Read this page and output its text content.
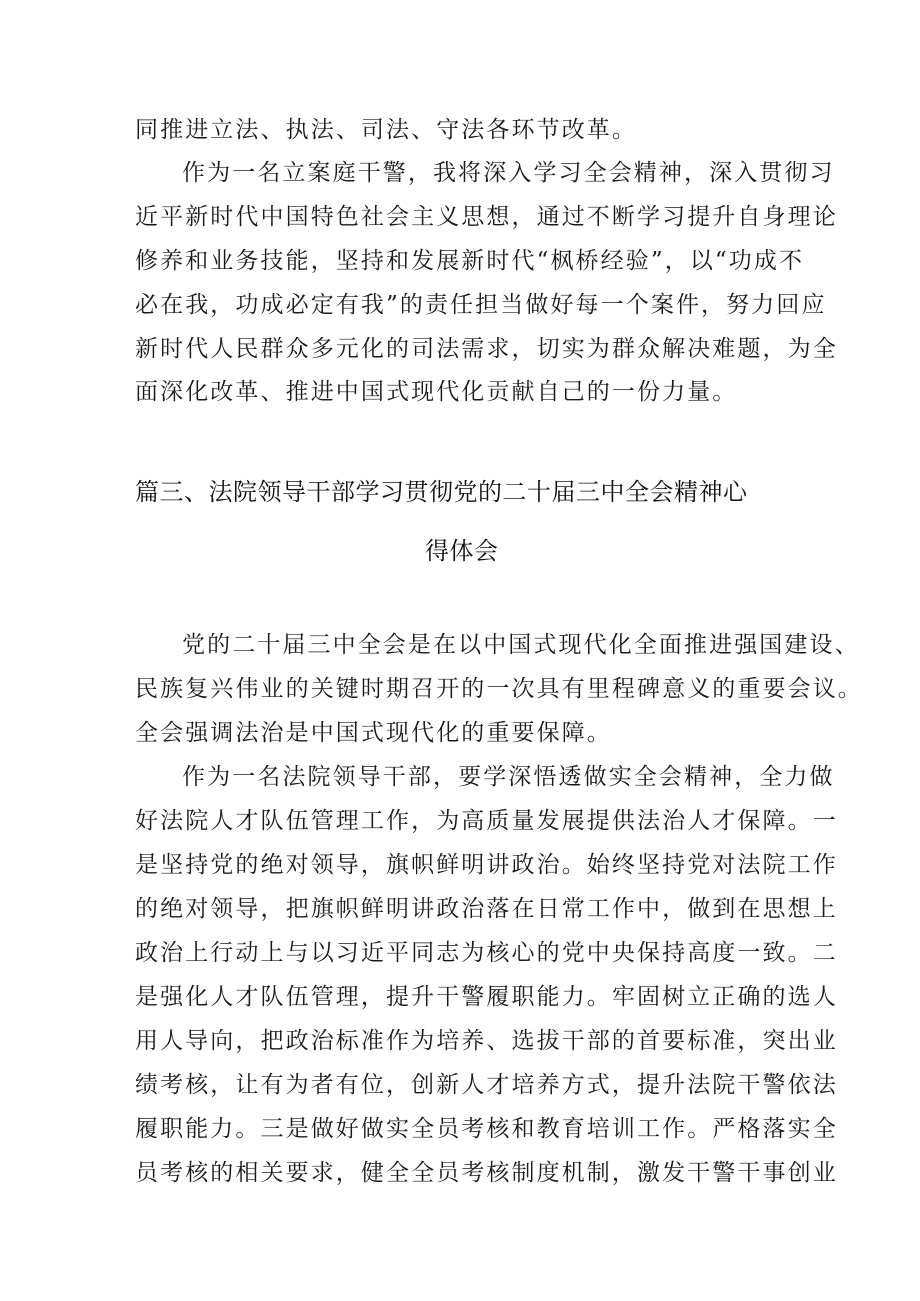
同推进立法、执法、司法、守法各环节改革。
作为一名立案庭干警，我将深入学习全会精神，深入贯彻习
近平新时代中国特色社会主义思想，通过不断学习提升自身理论
修养和业务技能，坚持和发展新时代“枫桥经验”，以“功成不
必在我，功成必定有我”的责任担当做好每一个案件，努力回应
新时代人民群众多元化的司法需求，切实为群众解决难题，为全
面深化改革、推进中国式现代化贡献自己的一份力量。
篇三、法院领导干部学习贯彻党的二十届三中全会精神心
得体会
党的二十届三中全会是在以中国式现代化全面推进强国建设、
民族复兴伟业的关键时期召开的一次具有里程碑意义的重要会议。
全会强调法治是中国式现代化的重要保障。
作为一名法院领导干部，要学深悟透做实全会精神，全力做
好法院人才队伍管理工作，为高质量发展提供法治人才保障。一
是坚持党的绝对领导，旗帜鲜明讲政治。始终坚持党对法院工作
的绝对领导，把旗帜鲜明讲政治落在日常工作中，做到在思想上
政治上行动上与以习近平同志为核心的党中央保持高度一致。二
是强化人才队伍管理，提升干警履职能力。牢固树立正确的选人
用人导向，把政治标准作为培养、选拔干部的首要标准，突出业
绩考核，让有为者有位，创新人才培养方式，提升法院干警依法
履职能力。三是做好做实全员考核和教育培训工作。严格落实全
员考核的相关要求，健全全员考核制度机制，激发干警干事创业
